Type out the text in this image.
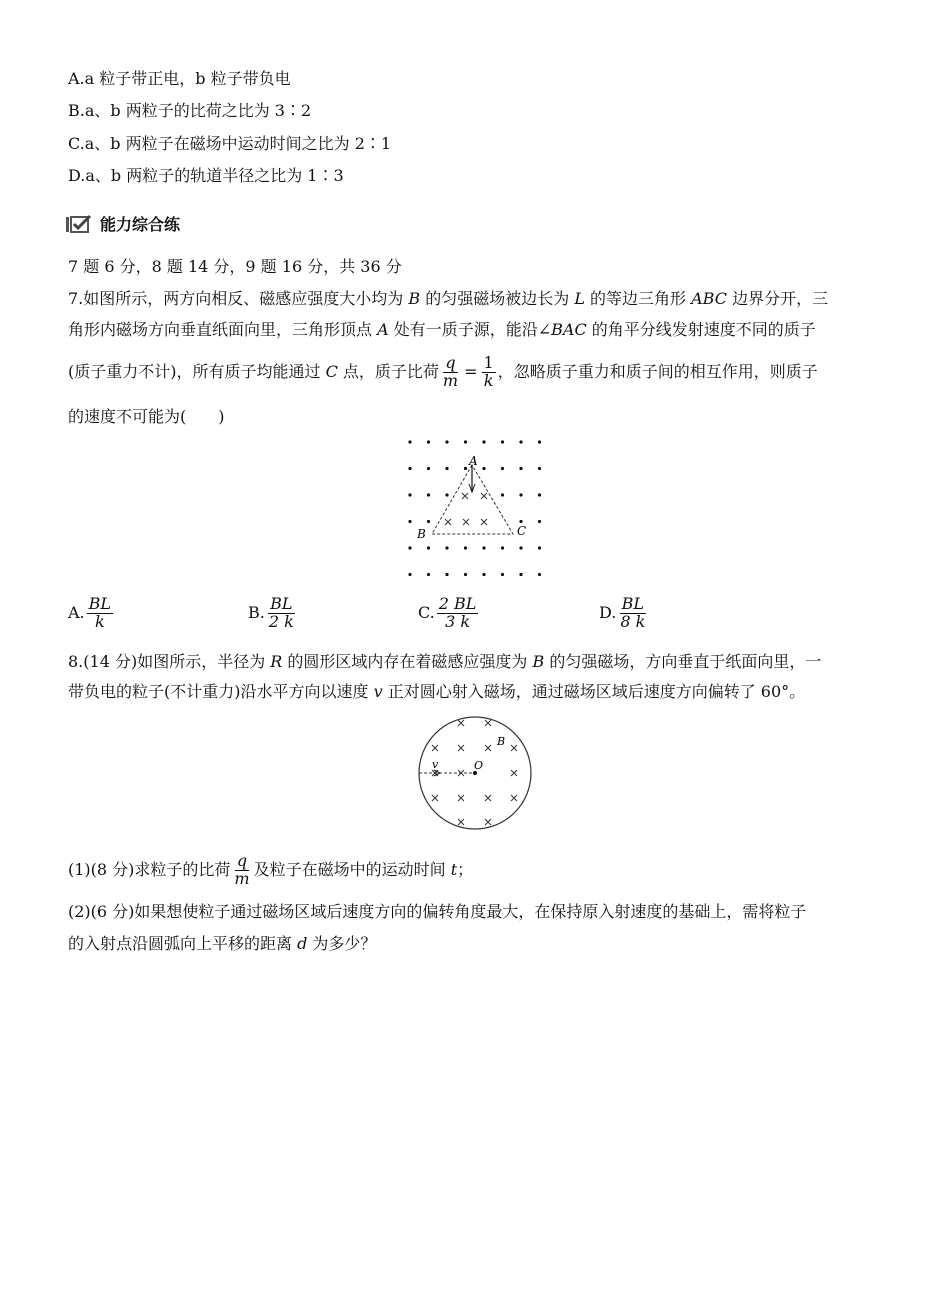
A.a 粒子带正电，b 粒子带负电
B.a、b 两粒子的比荷之比为 3∶2
C.a、b 两粒子在磁场中运动时间之比为 2∶1
D.a、b 两粒子的轨道半径之比为 1∶3
能力综合练
7 题 6 分，8 题 14 分，9 题 16 分，共 36 分
7.如图所示，两方向相反、磁感应强度大小均为 B 的匀强磁场被边长为 L 的等边三角形 ABC 边界分开，三
角形内磁场方向垂直纸面向里，三角形顶点 A 处有一质子源，能沿∠BAC 的角平分线发射速度不同的质子
(质子重力不计)，所有质子均能通过 C 点，质子比荷 $\frac{q}{m} = \frac{1}{k}$ ，忽略质子重力和质子间的相互作用，则质子
的速度不可能为(　　)
A
B	C
A. $\frac{BL}{k}$	B. $\frac{BL}{2 k}$	C. $\frac{2 BL}{3 k}$	D. $\frac{BL}{8 k}$
8.(14 分)如图所示，半径为 R 的圆形区域内存在着磁感应强度为 B 的匀强磁场，方向垂直于纸面向里，一
带负电的粒子(不计重力)沿水平方向以速度 v 正对圆心射入磁场，通过磁场区域后速度方向偏转了 60°。
v	O
B
(1)(8 分)求粒子的比荷 $\frac{q}{m}$ 及粒子在磁场中的运动时间 t；
(2)(6 分)如果想使粒子通过磁场区域后速度方向的偏转角度最大，在保持原入射速度的基础上，需将粒子
的入射点沿圆弧向上平移的距离 d 为多少？
